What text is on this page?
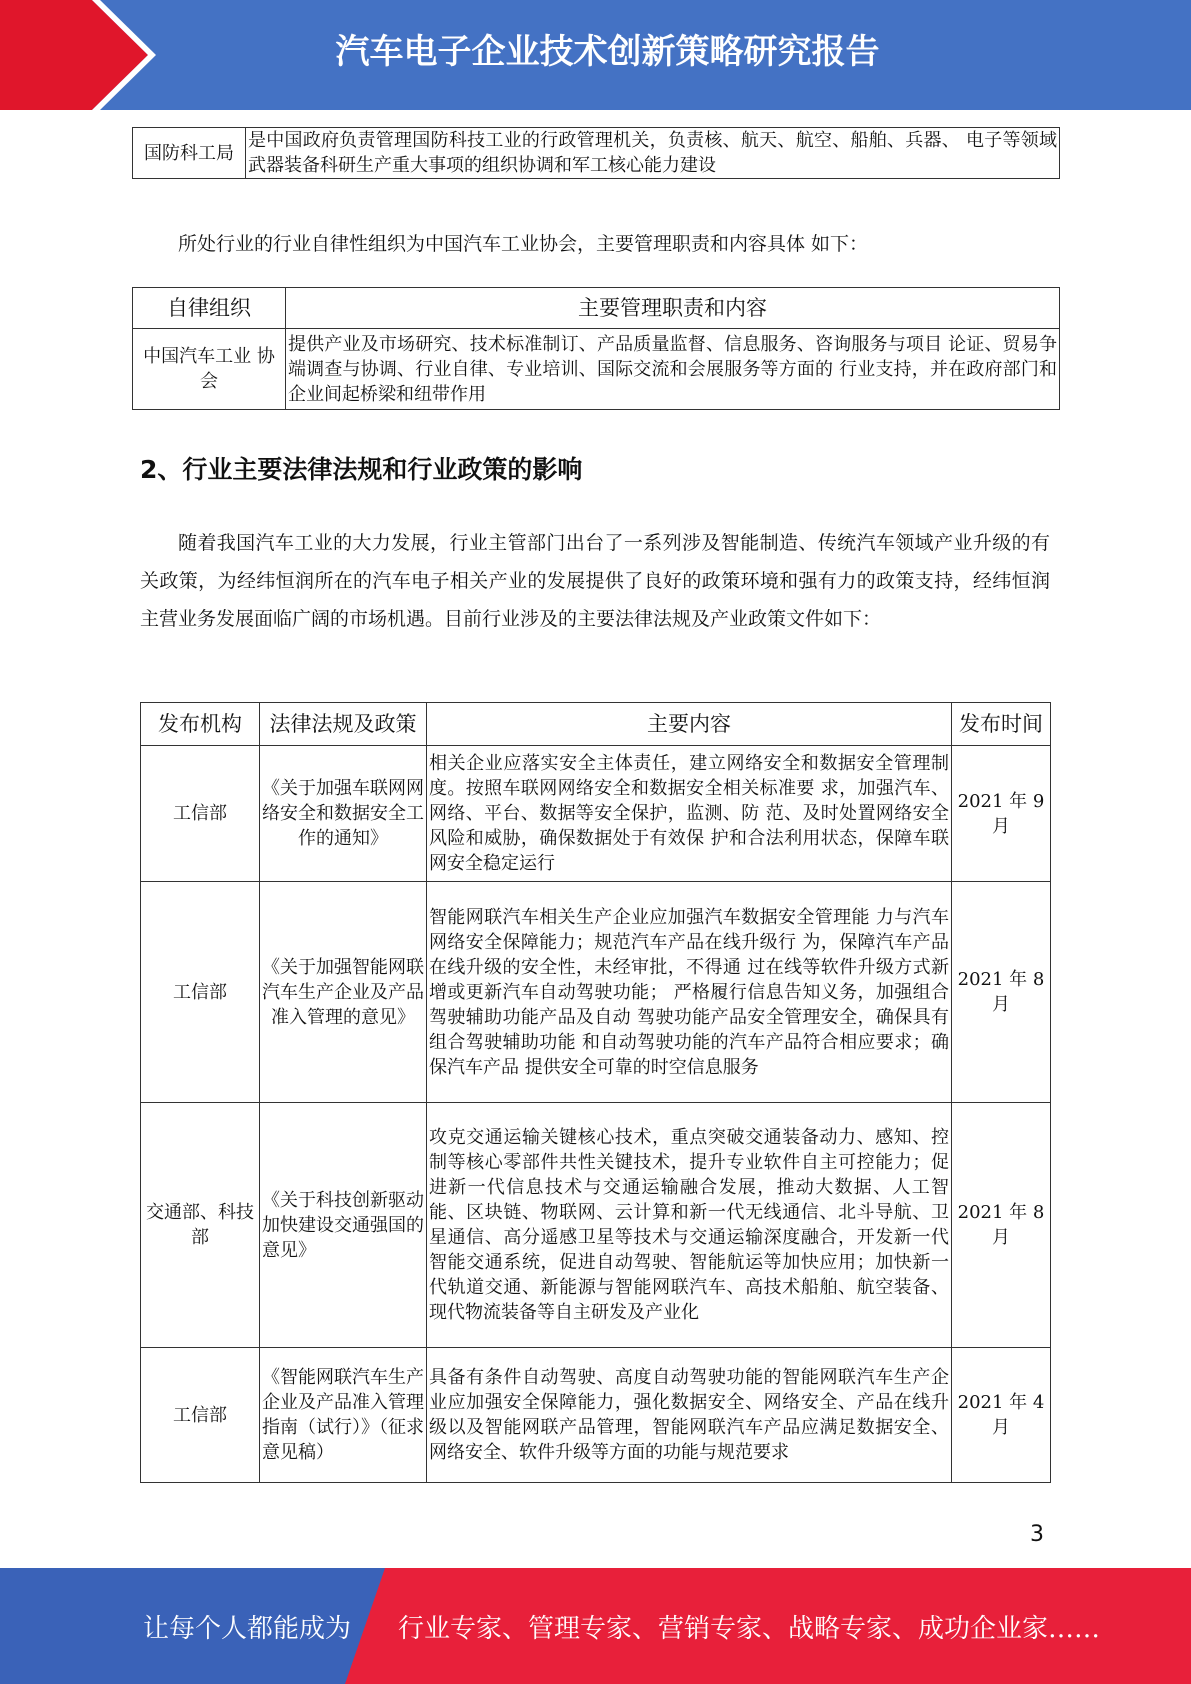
汽车电子企业技术创新策略研究报告
国防科工局	是中国政府负责管理国防科技工业的行政管理机关，负责核、航天、航空、船舶、兵器、 电子等领域武器装备科研生产重大事项的组织协调和军工核心能力建设
所处行业的行业自律性组织为中国汽车工业协会，主要管理职责和内容具体 如下：
自律组织	主要管理职责和内容
中国汽车工业 协会	提供产业及市场研究、技术标准制订、产品质量监督、信息服务、咨询服务与项目 论证、贸易争端调查与协调、行业自律、专业培训、国际交流和会展服务等方面的 行业支持，并在政府部门和企业间起桥梁和纽带作用
2、行业主要法律法规和行业政策的影响
随着我国汽车工业的大力发展，行业主管部门出台了一系列涉及智能制造、传统汽车领域产业升级的有关政策，为经纬恒润所在的汽车电子相关产业的发展提供了良好的政策环境和强有力的政策支持，经纬恒润主营业务发展面临广阔的市场机遇。目前行业涉及的主要法律法规及产业政策文件如下：
发布机构	法律法规及政策	主要内容	发布时间
工信部	《关于加强车联网网络安全和数据安全工作的通知》	相关企业应落实安全主体责任，建立网络安全和数据安全管理制度。按照车联网网络安全和数据安全相关标准要 求，加强汽车、网络、平台、数据等安全保护，监测、防 范、及时处置网络安全风险和威胁，确保数据处于有效保 护和合法利用状态，保障车联网安全稳定运行	2021 年 9 月
工信部	《关于加强智能网联汽车生产企业及产品准入管理的意见》	智能网联汽车相关生产企业应加强汽车数据安全管理能 力与汽车网络安全保障能力；规范汽车产品在线升级行 为，保障汽车产品在线升级的安全性，未经审批，不得通 过在线等软件升级方式新增或更新汽车自动驾驶功能； 严格履行信息告知义务，加强组合驾驶辅助功能产品及自动 驾驶功能产品安全管理安全，确保具有组合驾驶辅助功能 和自动驾驶功能的汽车产品符合相应要求；确保汽车产品 提供安全可靠的时空信息服务	2021 年 8 月
交通部、科技部	《关于科技创新驱动加快建设交通强国的意见》	攻克交通运输关键核心技术，重点突破交通装备动力、感知、控制等核心零部件共性关键技术，提升专业软件自主可控能力；促进新一代信息技术与交通运输融合发展，推动大数据、人工智能、区块链、物联网、云计算和新一代无线通信、北斗导航、卫星通信、高分遥感卫星等技术与交通运输深度融合，开发新一代智能交通系统，促进自动驾驶、智能航运等加快应用；加快新一代轨道交通、新能源与智能网联汽车、高技术船舶、航空装备、现代物流装备等自主研发及产业化	2021 年 8 月
工信部	《智能网联汽车生产企业及产品准入管理指南（试行）》（征求意见稿）	具备有条件自动驾驶、高度自动驾驶功能的智能网联汽车生产企业应加强安全保障能力，强化数据安全、网络安全、产品在线升级以及智能网联产品管理，智能网联汽车产品应满足数据安全、网络安全、软件升级等方面的功能与规范要求	2021 年 4 月
3
让每个人都能成为 行业专家、管理专家、营销专家、战略专家、成功企业家……
